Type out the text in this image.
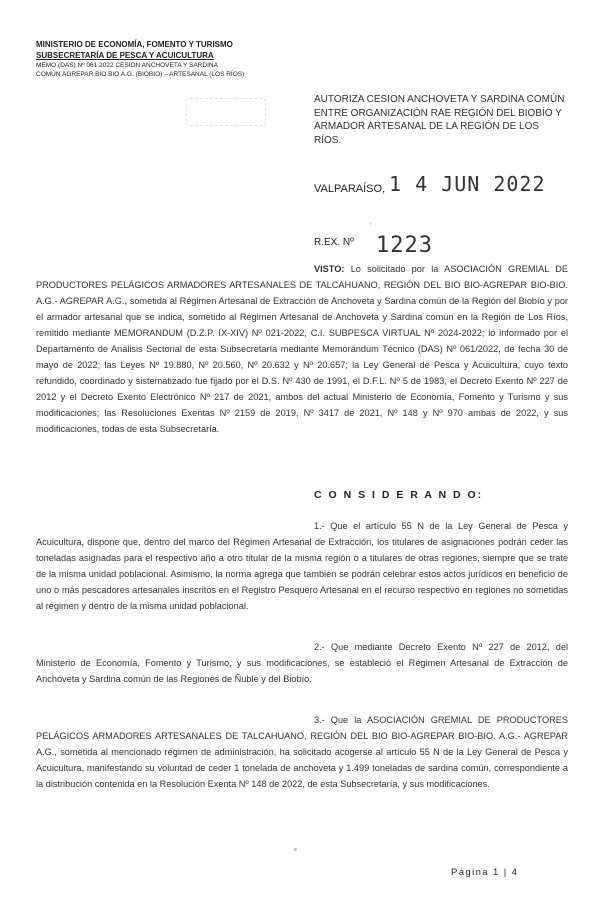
MINISTERIO DE ECONOMÍA, FOMENTO Y TURISMO
SUBSECRETARÍA DE PESCA Y ACUICULTURA
MEMO (DAS) Nº 061 2022 CESION ANCHOVETA Y SARDINA
COMÚN AGREPAR BIO BIO A.G. (BIOBIO) – ARTESANAL (LOS RÍOS)
AUTORIZA CESION ANCHOVETA Y SARDINA COMÚN ENTRE ORGANIZACIÓN RAE REGIÓN DEL BIOBÍO Y ARMADOR ARTESANAL DE LA REGIÓN DE LOS RÍOS.
VALPARAÍSO, 1 4 JUN 2022
'
R.EX. Nº 1223
VISTO: Lo solicitado por la ASOCIACIÓN GREMIAL DE PRODUCTORES PELÁGICOS ARMADORES ARTESANALES DE TALCAHUANO, REGIÓN DEL BIO BIO-AGREPAR BIO-BIO. A.G.- AGREPAR A.G., sometida al Régimen Artesanal de Extracción de Anchoveta y Sardina común de la Región del Biobío y por el armador artesanal que se indica, sometido al Régimen Artesanal de Anchoveta y Sardina común en la Región de Los Ríos, remitido mediante MEMORANDUM (D.Z.P. IX-XIV) Nº 021-2022, C.I. SUBPESCA VIRTUAL Nº 2024-2022; lo informado por el Departamento de Análisis Sectorial de esta Subsecretaría mediante Memorándum Técnico (DAS) Nº 061/2022, de fecha 30 de mayo de 2022; las Leyes Nº 19.880, Nº 20.560, Nº 20.632 y Nº 20.657; la Ley General de Pesca y Acuicultura, cuyo texto refundido, coordinado y sistematizado fue fijado por el D.S. Nº 430 de 1991, el D.F.L. Nº 5 de 1983, el Decreto Exento Nº 227 de 2012 y el Decreto Exento Electrónico Nº 217 de 2021, ambos del actual Ministerio de Economía, Fomento y Turismo y sus modificaciones; las Resoluciones Exentas Nº 2159 de 2019, Nº 3417 de 2021, Nº 148 y Nº 970 ambas de 2022, y sus modificaciones, todas de esta Subsecretaría.
C O N S I D E R A N D O:
1.- Que el artículo 55 N de la Ley General de Pesca y Acuicultura, dispone que, dentro del marco del Régimen Artesanal de Extracción, los titulares de asignaciones podrán ceder las toneladas asignadas para el respectivo año a otro titular de la misma región o a titulares de otras regiones, siempre que se trate de la misma unidad poblacional. Asimismo, la norma agrega que también se podrán celebrar estos actos jurídicos en beneficio de uno o más pescadores artesanales inscritos en el Registro Pesquero Artesanal en el recurso respectivo en regiones no sometidas al régimen y dentro de la misma unidad poblacional.
2.- Que mediante Decreto Exento Nº 227 de 2012, del Ministerio de Economía, Fomento y Turismo, y sus modificaciones, se estableció el Régimen Artesanal de Extracción de Anchoveta y Sardina común de las Regiones de Ñuble y del Biobío.
3.- Que la ASOCIACIÓN GREMIAL DE PRODUCTORES PELÁGICOS ARMADORES ARTESANALES DE TALCAHUANO, REGIÓN DEL BIO BIO-AGREPAR BIO-BIO. A.G.- AGREPAR A.G., sometida al mencionado régimen de administración, ha solicitado acogerse al artículo 55 N de la Ley General de Pesca y Acuicultura, manifestando su voluntad de ceder 1 tonelada de anchoveta y 1.499 toneladas de sardina común, correspondiente a la distribución contenida en la Resolución Exenta Nº 148 de 2022, de esta Subsecretaría, y sus modificaciones.
Página 1 | 4
